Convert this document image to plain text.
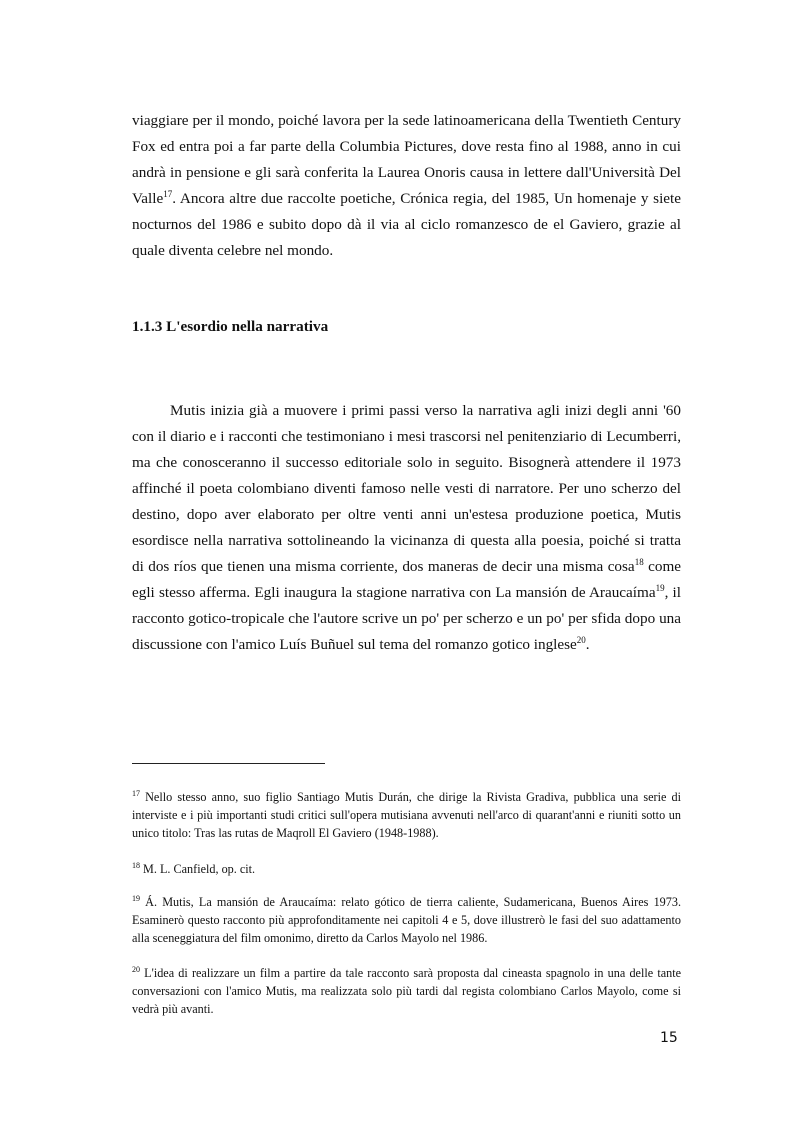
viaggiare per il mondo, poiché lavora per la sede latinoamericana della Twentieth Century Fox ed entra poi a far parte della Columbia Pictures, dove resta fino al 1988, anno in cui andrà in pensione e gli sarà conferita la Laurea Onoris causa in lettere dall'Università Del Valle$^{17}$. Ancora altre due raccolte poetiche, Crónica regia, del 1985, Un homenaje y siete nocturnos del 1986 e subito dopo dà il via al ciclo romanzesco de el Gaviero, grazie al quale diventa celebre nel mondo.

1.1.3 L'esordio nella narrativa

Mutis inizia già a muovere i primi passi verso la narrativa agli inizi degli anni '60 con il diario e i racconti che testimoniano i mesi trascorsi nel penitenziario di Lecumberri, ma che conosceranno il successo editoriale solo in seguito. Bisognerà attendere il 1973 affinché il poeta colombiano diventi famoso nelle vesti di narratore. Per uno scherzo del destino, dopo aver elaborato per oltre venti anni un'estesa produzione poetica, Mutis esordisce nella narrativa sottolineando la vicinanza di questa alla poesia, poiché si tratta di dos ríos que tienen una misma corriente, dos maneras de decir una misma cosa$^{18}$ come egli stesso afferma. Egli inaugura la stagione narrativa con La mansión de Araucaíma$^{19}$, il racconto gotico-tropicale che l'autore scrive un po' per scherzo e un po' per sfida dopo una discussione con l'amico Luís Buñuel sul tema del romanzo gotico inglese$^{20}$.

$^{17}$ Nello stesso anno, suo figlio Santiago Mutis Durán, che dirige la Rivista Gradiva, pubblica una serie di interviste e i più importanti studi critici sull'opera mutisiana avvenuti nell'arco di quarant'anni e riuniti sotto un unico titolo: Tras las rutas de Maqroll El Gaviero (1948-1988).

$^{18}$ M. L. Canfield, op. cit.

$^{19}$ Á. Mutis, La mansión de Araucaíma: relato gótico de tierra caliente, Sudamericana, Buenos Aires 1973. Esaminerò questo racconto più approfonditamente nei capitoli 4 e 5, dove illustrerò le fasi del suo adattamento alla sceneggiatura del film omonimo, diretto da Carlos Mayolo nel 1986.

$^{20}$ L'idea di realizzare un film a partire da tale racconto sarà proposta dal cineasta spagnolo in una delle tante conversazioni con l'amico Mutis, ma realizzata solo più tardi dal regista colombiano Carlos Mayolo, come si vedrà più avanti.

15
